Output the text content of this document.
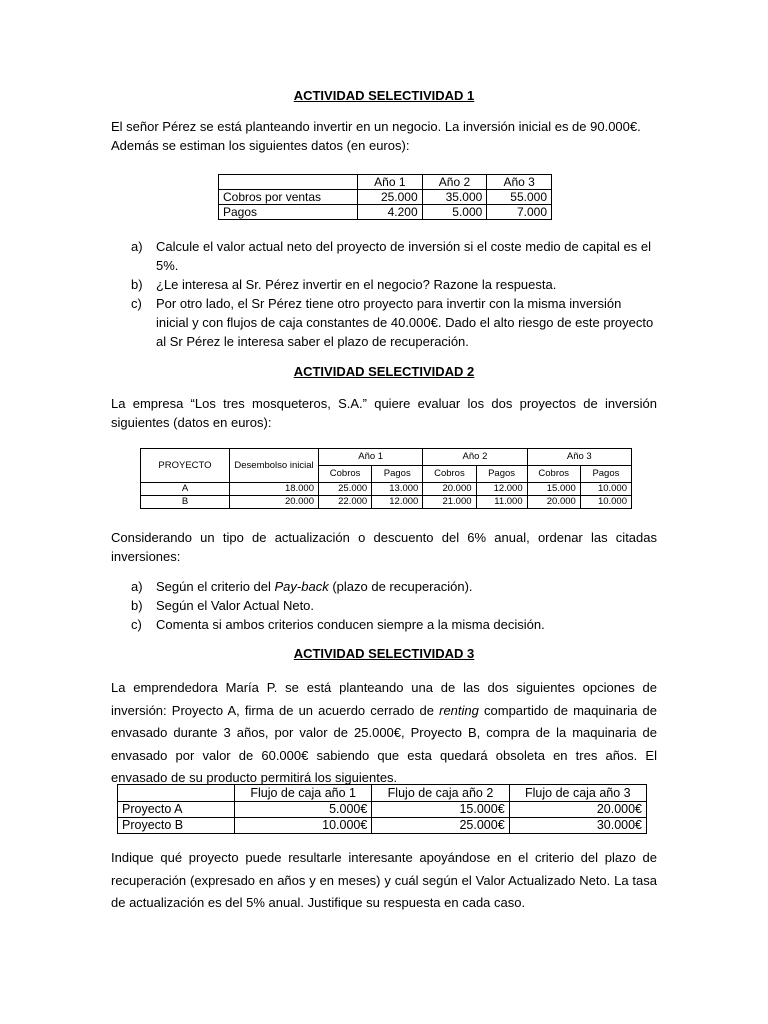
ACTIVIDAD SELECTIVIDAD 1
El señor Pérez se está planteando invertir en un negocio. La inversión inicial es de 90.000€.
Además se estiman los siguientes datos (en euros):
	Año 1	Año 2	Año 3
Cobros por ventas	25.000	35.000	55.000
Pagos	4.200	5.000	7.000
a) Calcule el valor actual neto del proyecto de inversión si el coste medio de capital es el 5%.
b) ¿Le interesa al Sr. Pérez invertir en el negocio? Razone la respuesta.
c) Por otro lado, el Sr Pérez tiene otro proyecto para invertir con la misma inversión inicial y con flujos de caja constantes de 40.000€. Dado el alto riesgo de este proyecto al Sr Pérez le interesa saber el plazo de recuperación.
ACTIVIDAD SELECTIVIDAD 2
La empresa “Los tres mosqueteros, S.A.” quiere evaluar los dos proyectos de inversión siguientes (datos en euros):
PROYECTO	Desembolso inicial	Año 1		Año 2		Año 3	
		Cobros	Pagos	Cobros	Pagos	Cobros	Pagos
A	18.000	25.000	13.000	20.000	12.000	15.000	10.000
B	20.000	22.000	12.000	21.000	11.000	20.000	10.000
Considerando un tipo de actualización o descuento del 6% anual, ordenar las citadas inversiones:
a) Según el criterio del Pay-back (plazo de recuperación).
b) Según el Valor Actual Neto.
c) Comenta si ambos criterios conducen siempre a la misma decisión.
ACTIVIDAD SELECTIVIDAD 3
La emprendedora María P. se está planteando una de las dos siguientes opciones de inversión: Proyecto A, firma de un acuerdo cerrado de renting compartido de maquinaria de envasado durante 3 años, por valor de 25.000€, Proyecto B, compra de la maquinaria de envasado por valor de 60.000€ sabiendo que esta quedará obsoleta en tres años. El envasado de su producto permitirá los siguientes.
	Flujo de caja año 1	Flujo de caja año 2	Flujo de caja año 3
Proyecto A	5.000€	15.000€	20.000€
Proyecto B	10.000€	25.000€	30.000€
Indique qué proyecto puede resultarle interesante apoyándose en el criterio del plazo de recuperación (expresado en años y en meses) y cuál según el Valor Actualizado Neto. La tasa de actualización es del 5% anual. Justifique su respuesta en cada caso.
